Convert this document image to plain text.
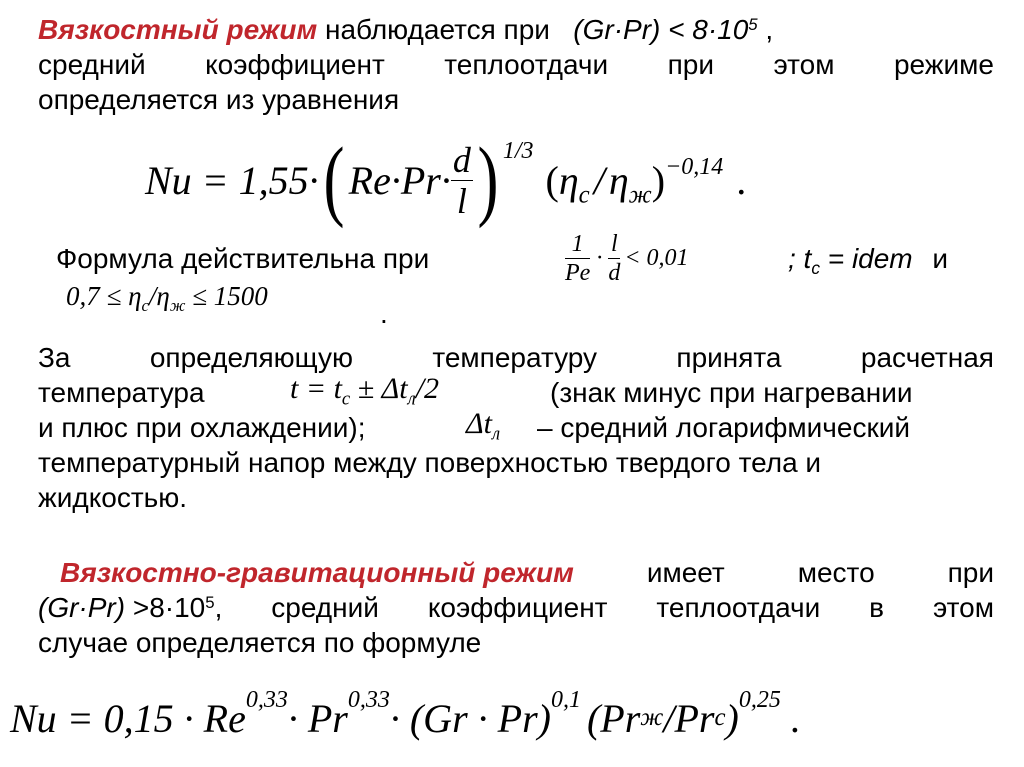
Вязкостный режим наблюдается при $(Gr\cdot Pr) < 8\cdot 10^5$ ,
средний коэффициент теплоотдачи при этом режиме
определяется из уравнения
Nu = 1,55· ( $Re\cdot Pr\cdot \frac{d}{l}$ ) 1/3
( $\eta_с / \eta_ж$ ) −0,14 .
Формула действительна при	$\frac{1}{Pe} \cdot \frac{l}{d} < 0,01$	; $t_c$ = idem и
$0,7 \le \eta_с/\eta_ж \le 1500$
.
За	определяющую	температуру	принята	расчетная
температура	$t = t_c \pm \Delta t_л/2$	(знак минус при нагревании
и плюс при охлаждении);	$\Delta t_л$ – средний логарифмический
температурный напор между поверхностью твердого тела и
жидкостью.
Вязкостно-гравитационный режим	имеет	место	при
$(Gr\cdot Pr) >8\cdot 10^5$, средний коэффициент теплоотдачи в этом
случае определяется по формуле
Nu = 0,15 · Re 0,33 · Pr 0,33 · (Gr · Pr) 0,1 (Pr ж /Pr c ) 0,25 .
